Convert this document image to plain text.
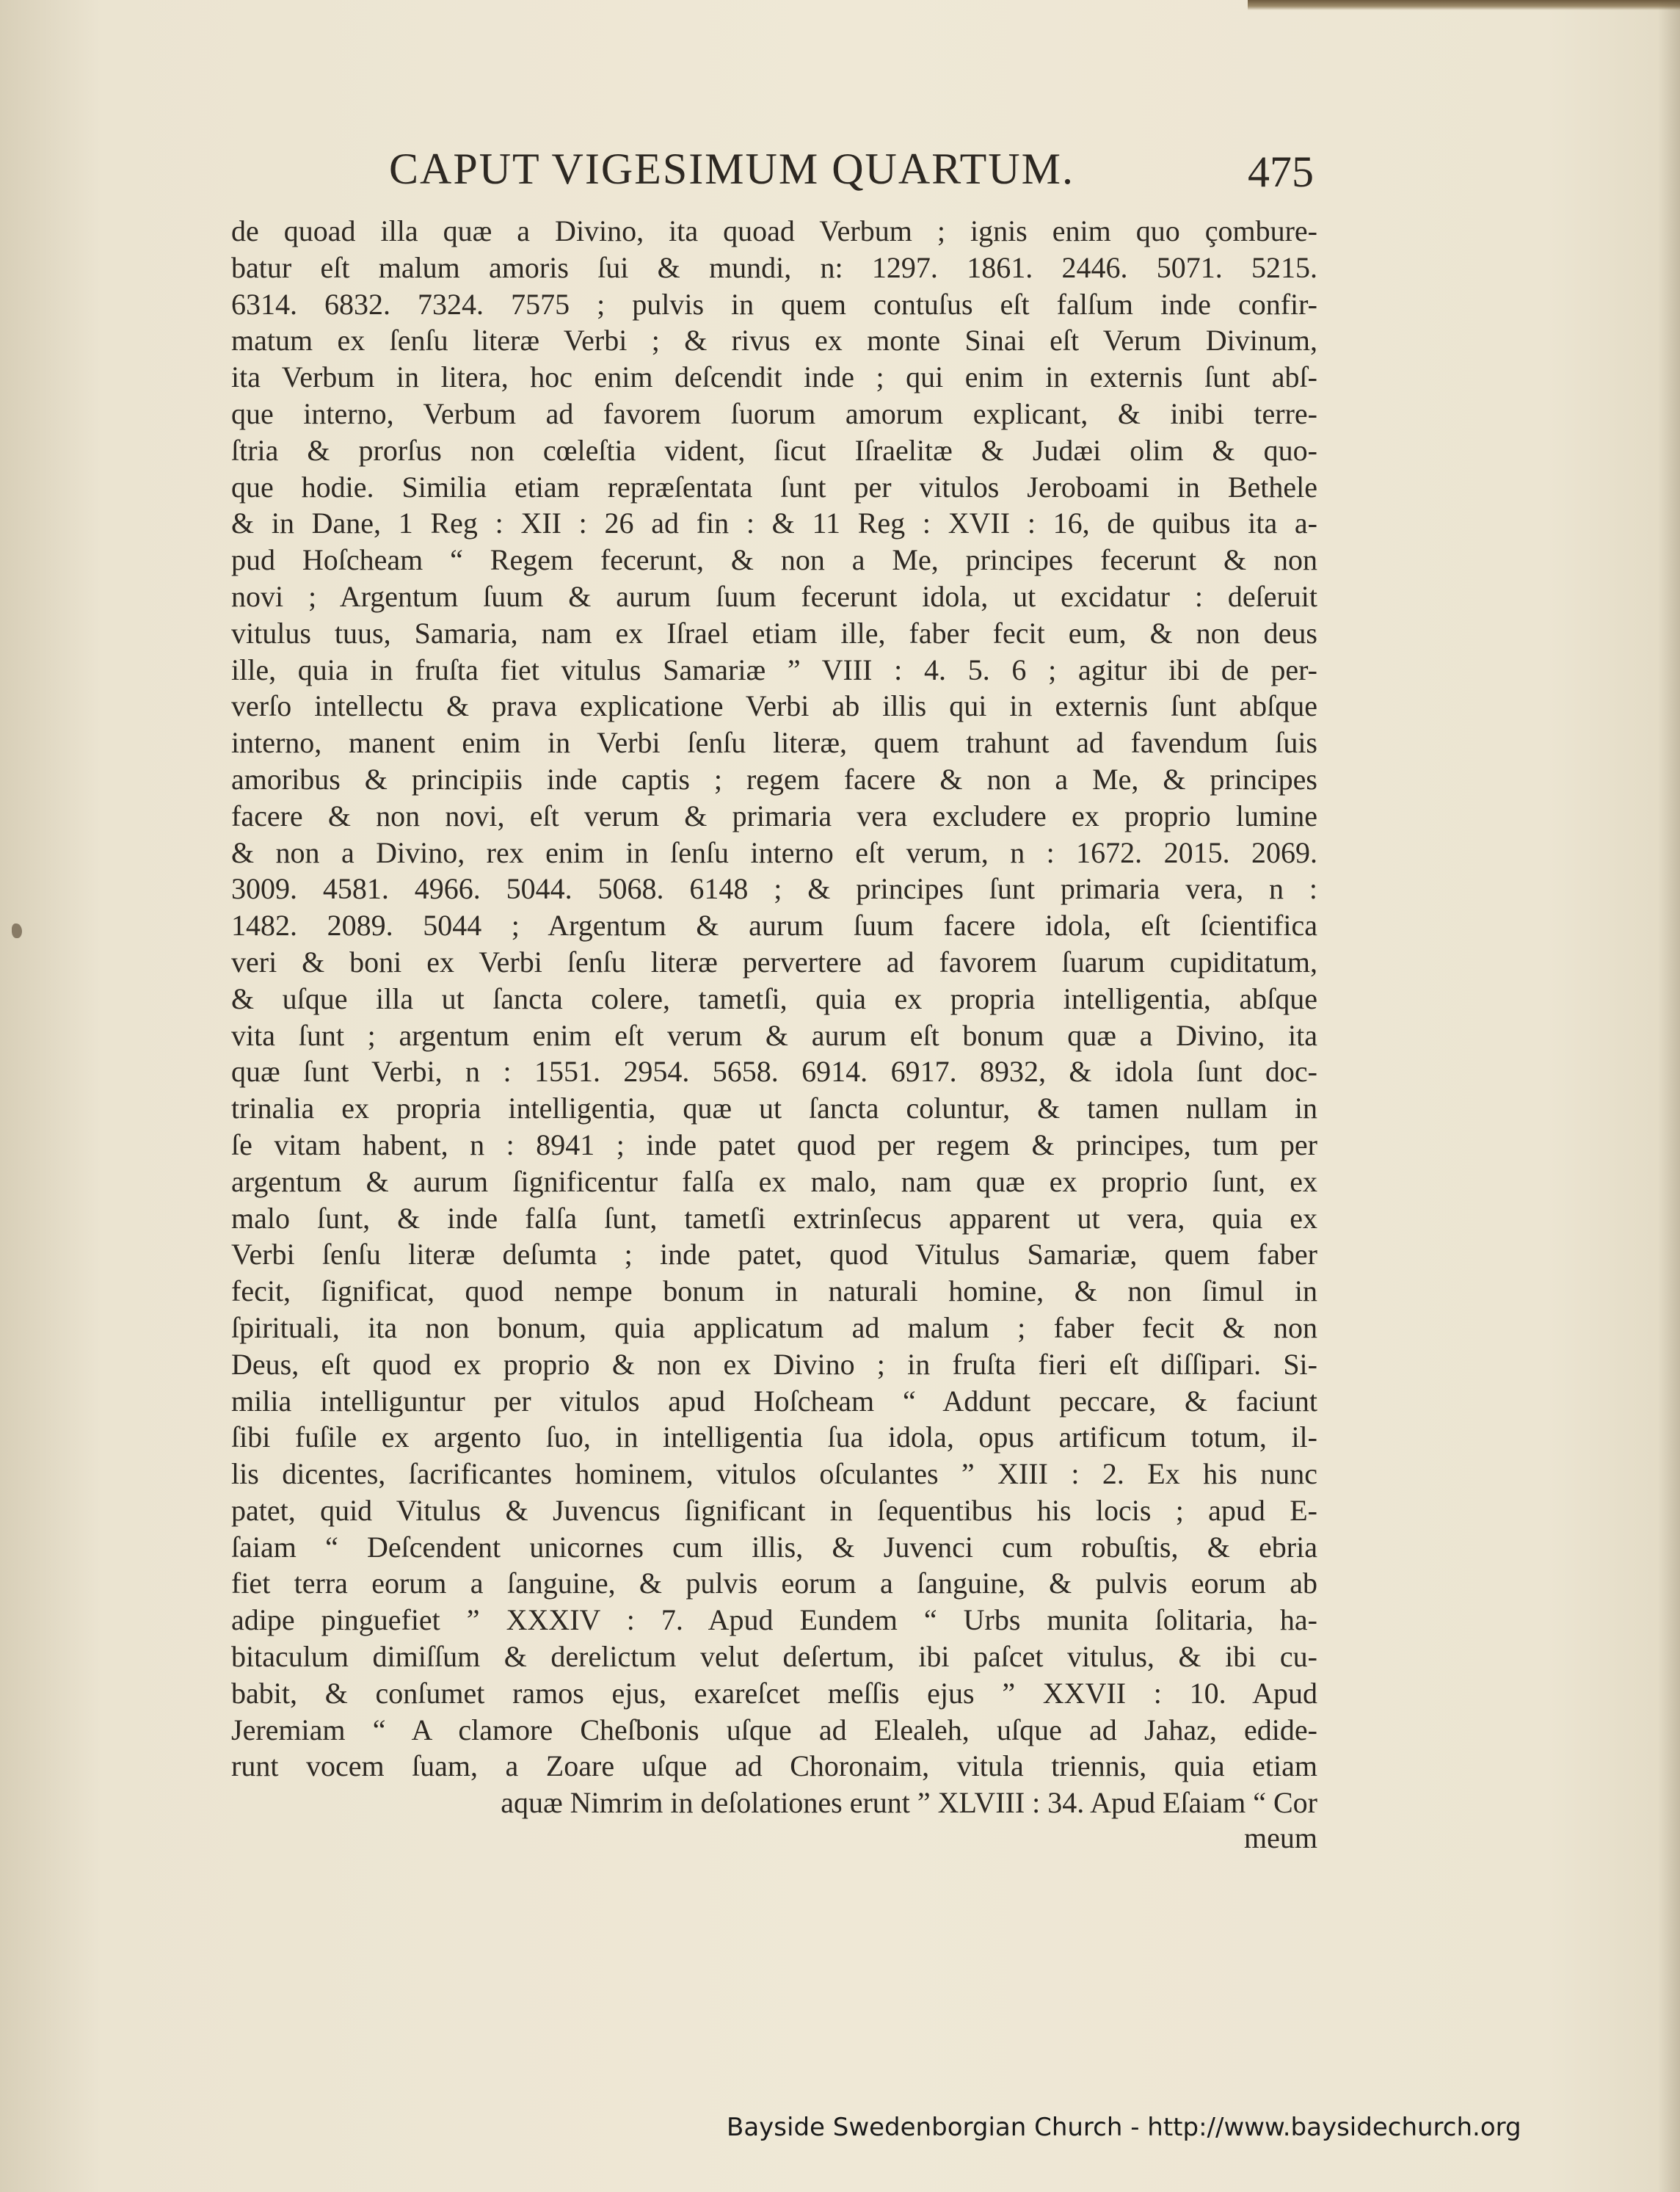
CAPUT VIGESIMUM QUARTUM.	475
de quoad illa quæ a Divino, ita quoad Verbum ; ignis enim quo çombure-
batur eſt malum amoris ſui & mundi, n: 1297. 1861. 2446. 5071. 5215.
6314. 6832. 7324. 7575 ; pulvis in quem contuſus eſt falſum inde confir-
matum ex ſenſu literæ Verbi ; & rivus ex monte Sinai eſt Verum Divinum,
ita Verbum in litera, hoc enim deſcendit inde ; qui enim in externis ſunt abſ-
que interno, Verbum ad favorem ſuorum amorum explicant, & inibi terre-
ſtria & prorſus non cœleſtia vident, ſicut Iſraelitæ & Judæi olim & quo-
que hodie. Similia etiam repræſentata ſunt per vitulos Jeroboami in Bethele
& in Dane, 1 Reg : XII : 26 ad fin : & 11 Reg : XVII : 16, de quibus ita a-
pud Hoſcheam “ Regem fecerunt, & non a Me, principes fecerunt & non
novi ; Argentum ſuum & aurum ſuum fecerunt idola, ut excidatur : deſeruit
vitulus tuus, Samaria, nam ex Iſrael etiam ille, faber fecit eum, & non deus
ille, quia in fruſta fiet vitulus Samariæ ” VIII : 4. 5. 6 ; agitur ibi de per-
verſo intellectu & prava explicatione Verbi ab illis qui in externis ſunt abſque
interno, manent enim in Verbi ſenſu literæ, quem trahunt ad favendum ſuis
amoribus & principiis inde captis ; regem facere & non a Me, & principes
facere & non novi, eſt verum & primaria vera excludere ex proprio lumine
& non a Divino, rex enim in ſenſu interno eſt verum, n : 1672. 2015. 2069.
3009. 4581. 4966. 5044. 5068. 6148 ; & principes ſunt primaria vera, n :
1482. 2089. 5044 ; Argentum & aurum ſuum facere idola, eſt ſcientifica
veri & boni ex Verbi ſenſu literæ pervertere ad favorem ſuarum cupiditatum,
& uſque illa ut ſancta colere, tametſi, quia ex propria intelligentia, abſque
vita ſunt ; argentum enim eſt verum & aurum eſt bonum quæ a Divino, ita
quæ ſunt Verbi, n : 1551. 2954. 5658. 6914. 6917. 8932, & idola ſunt doc-
trinalia ex propria intelligentia, quæ ut ſancta coluntur, & tamen nullam in
ſe vitam habent, n : 8941 ; inde patet quod per regem & principes, tum per
argentum & aurum ſignificentur falſa ex malo, nam quæ ex proprio ſunt, ex
malo ſunt, & inde falſa ſunt, tametſi extrinſecus apparent ut vera, quia ex
Verbi ſenſu literæ deſumta ; inde patet, quod Vitulus Samariæ, quem faber
fecit, ſignificat, quod nempe bonum in naturali homine, & non ſimul in
ſpirituali, ita non bonum, quia applicatum ad malum ; faber fecit & non
Deus, eſt quod ex proprio & non ex Divino ; in fruſta fieri eſt diſſipari. Si-
milia intelliguntur per vitulos apud Hoſcheam “ Addunt peccare, & faciunt
ſibi fuſile ex argento ſuo, in intelligentia ſua idola, opus artificum totum, il-
lis dicentes, ſacrificantes hominem, vitulos oſculantes ” XIII : 2. Ex his nunc
patet, quid Vitulus & Juvencus ſignificant in ſequentibus his locis ; apud E-
ſaiam “ Deſcendent unicornes cum illis, & Juvenci cum robuſtis, & ebria
fiet terra eorum a ſanguine, & pulvis eorum a ſanguine, & pulvis eorum ab
adipe pinguefiet ” XXXIV : 7. Apud Eundem “ Urbs munita ſolitaria, ha-
bitaculum dimiſſum & derelictum velut deſertum, ibi paſcet vitulus, & ibi cu-
babit, & conſumet ramos ejus, exareſcet meſſis ejus ” XXVII : 10. Apud
Jeremiam “ A clamore Cheſbonis uſque ad Elealeh, uſque ad Jahaz, edide-
runt vocem ſuam, a Zoare uſque ad Choronaim, vitula triennis, quia etiam
aquæ Nimrim in deſolationes erunt ” XLVIII : 34. Apud Eſaiam “ Cor
meum
Bayside Swedenborgian Church - http://www.baysidechurch.org
